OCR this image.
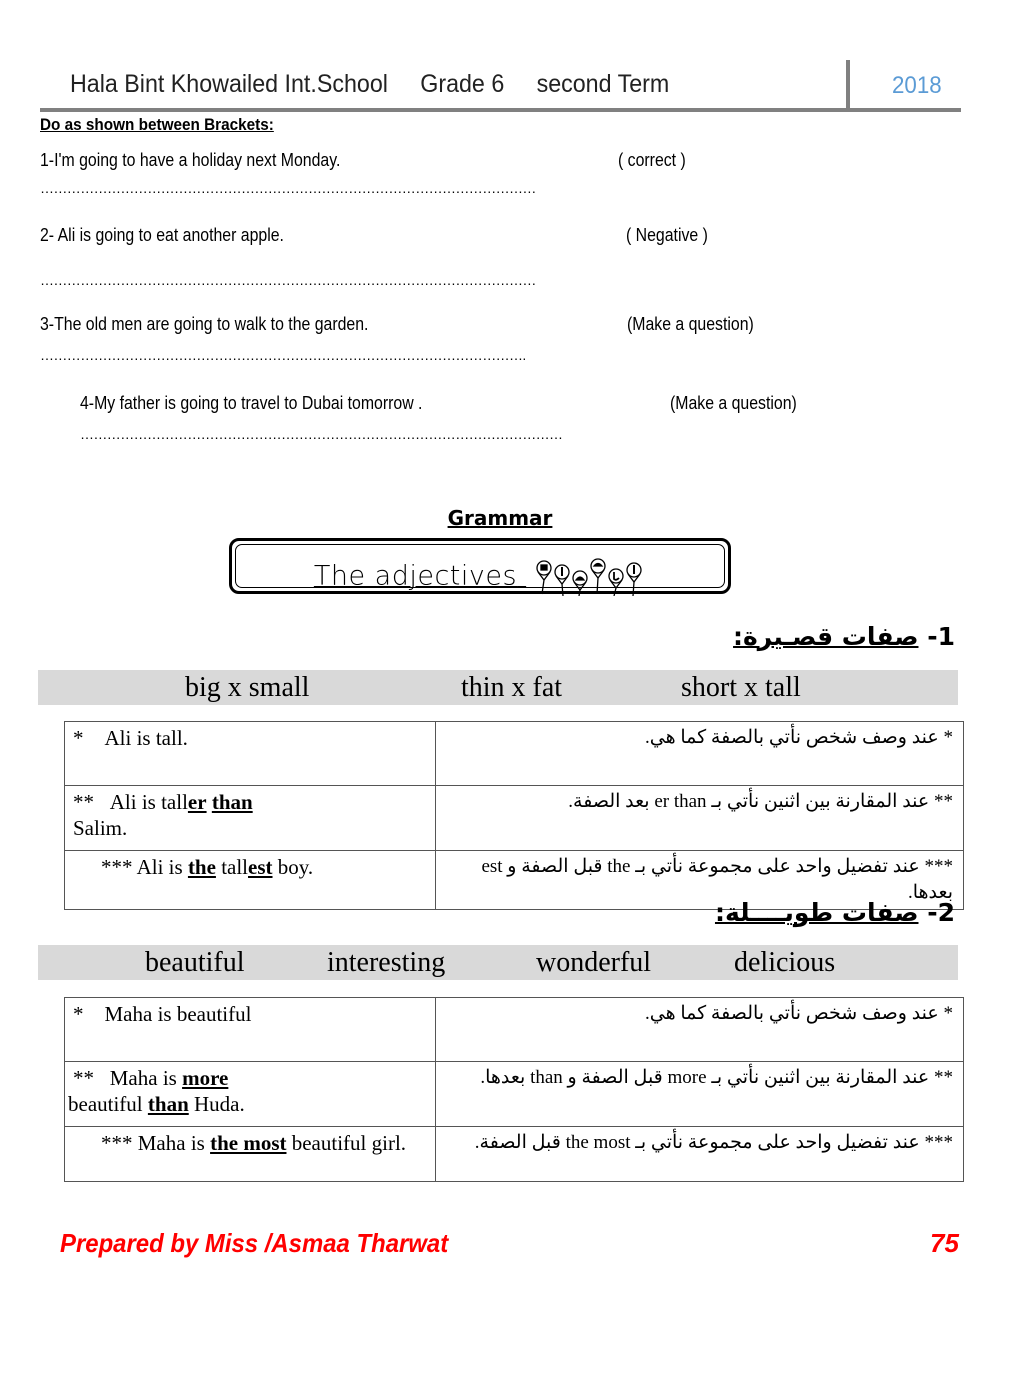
Hala Bint Khowailed Int.School Grade 6 second Term	2018
Do as shown between Brackets:
1-I'm going to have a holiday next Monday.	( correct )
…………………………………………………………………………………………………
2- Ali is going to eat another apple.	( Negative )
…………………………………………………………………………………………………
3-The old men are going to walk to the garden.	(Make a question)
……………………………………………………………………………………………….
4-My father is going to travel to Dubai tomorrow .	(Make a question)
………………………………………………………………………………………………
Grammar
The adjectives
1- صفات قصـيرة:
big x small	thin x fat	short x tall
* Ali is tall.	* عند وصف شخص نأتي بالصفة كما هي.
** Ali is taller than
Salim.	** عند المقارنة بين اثنين نأتي بـ er than بعد الصفة.
*** Ali is the tallest boy.	*** عند تفضيل واحد على مجموعة نأتي بـ the قبل الصفة و est بعدها.
2- صفات طويــــلة:
beautiful	interesting	wonderful	delicious
* Maha is beautiful	* عند وصف شخص نأتي بالصفة كما هي.
** Maha is more
beautiful than Huda.	** عند المقارنة بين اثنين نأتي بـ more قبل الصفة و than بعدها.
*** Maha is the most beautiful girl.	*** عند تفضيل واحد على مجموعة نأتي بـ the most قبل الصفة.
Prepared by Miss /Asmaa Tharwat	75
